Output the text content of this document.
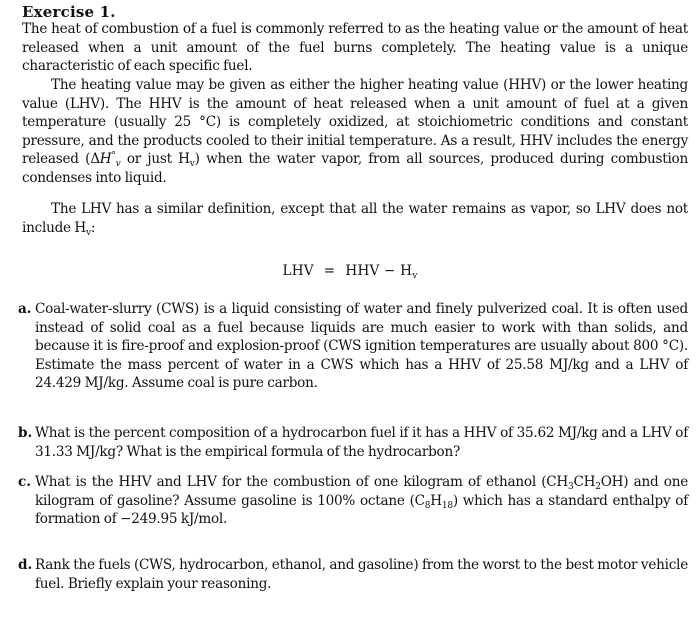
Exercise 1.
The heat of combustion of a fuel is commonly referred to as the heating value or the amount of heat released when a unit amount of the fuel burns completely. The heating value is a unique characteristic of each specific fuel.
The heating value may be given as either the higher heating value (HHV) or the lower heating value (LHV). The HHV is the amount of heat released when a unit amount of fuel at a given temperature (usually 25 °C) is completely oxidized, at stoichiometric conditions and constant pressure, and the products cooled to their initial temperature. As a result, HHV includes the energy released ($\Delta H^\circ_v$ or just $H_v$) when the water vapor, from all sources, produced during combustion condenses into liquid.
The LHV has a similar definition, except that all the water remains as vapor, so LHV does not include $H_v$:
LHV = HHV − $H_v$
a. Coal-water-slurry (CWS) is a liquid consisting of water and finely pulverized coal. It is often used instead of solid coal as a fuel because liquids are much easier to work with than solids, and because it is fire-proof and explosion-proof (CWS ignition temperatures are usually about 800 °C). Estimate the mass percent of water in a CWS which has a HHV of 25.58 MJ/kg and a LHV of 24.429 MJ/kg. Assume coal is pure carbon.
b. What is the percent composition of a hydrocarbon fuel if it has a HHV of 35.62 MJ/kg and a LHV of 31.33 MJ/kg? What is the empirical formula of the hydrocarbon?
c. What is the HHV and LHV for the combustion of one kilogram of ethanol $(CH_3CH_2OH)$ and one kilogram of gasoline? Assume gasoline is 100% octane $(C_8H_{18})$ which has a standard enthalpy of formation of −249.95 kJ/mol.
d. Rank the fuels (CWS, hydrocarbon, ethanol, and gasoline) from the worst to the best motor vehicle fuel. Briefly explain your reasoning.
